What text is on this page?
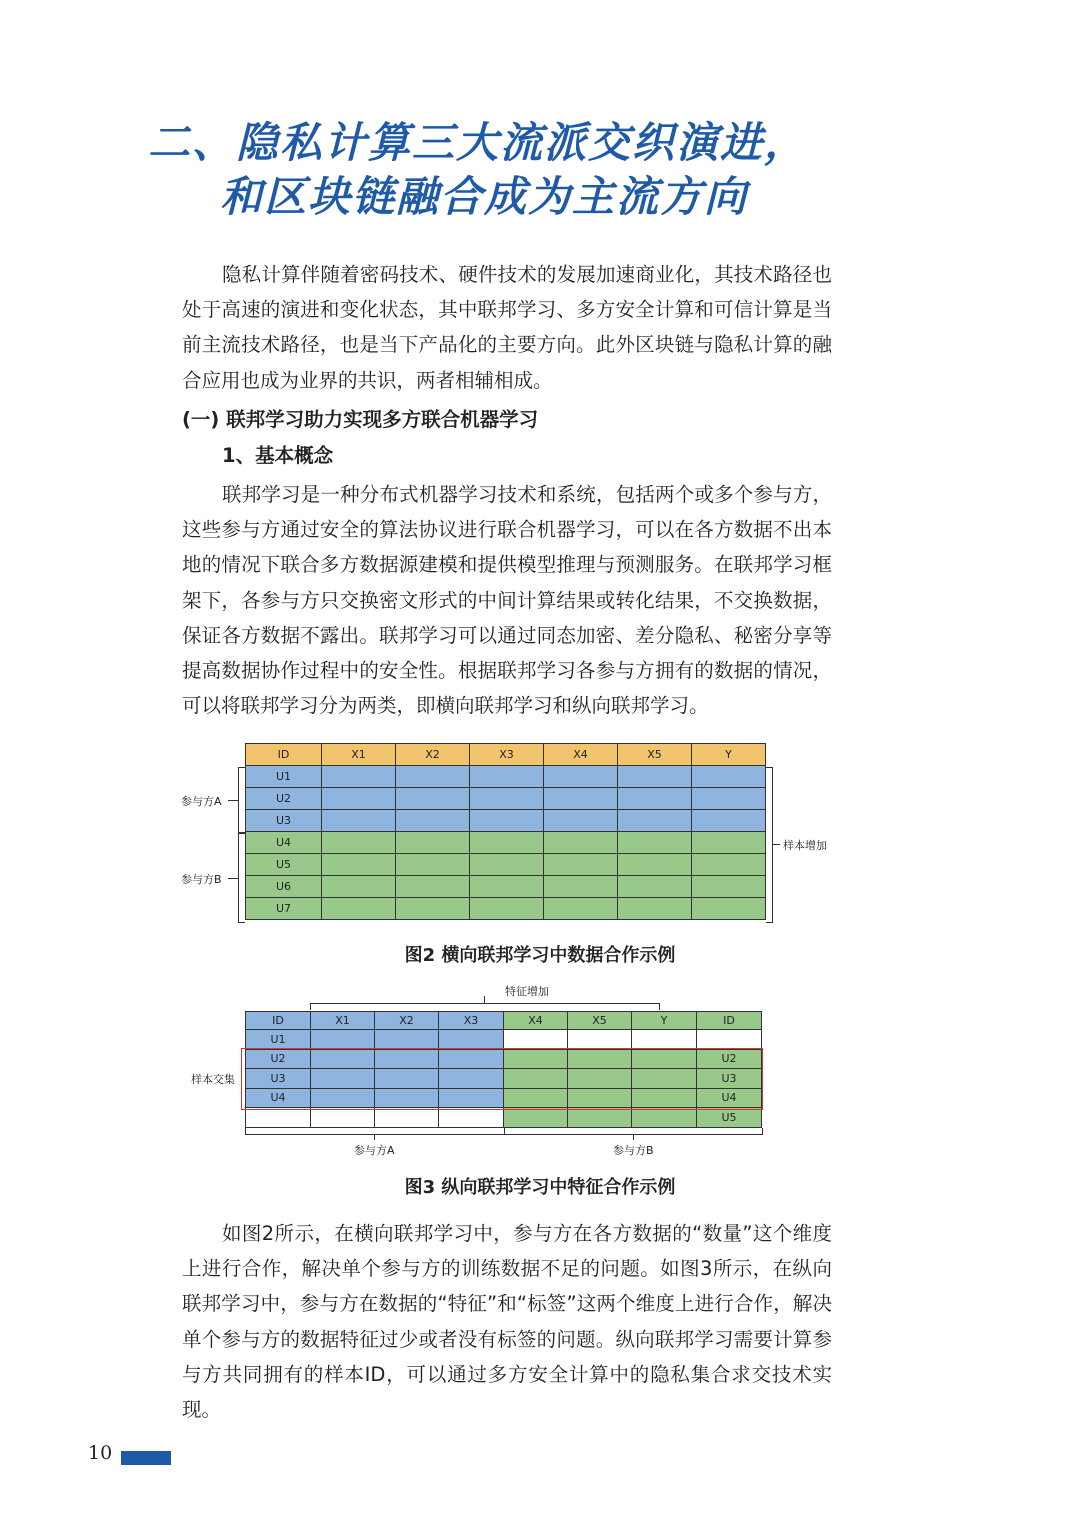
二、隐私计算三大流派交织演进，
和区块链融合成为主流方向

隐私计算伴随着密码技术、硬件技术的发展加速商业化，其技术路径也处于高速的演进和变化状态，其中联邦学习、多方安全计算和可信计算是当前主流技术路径，也是当下产品化的主要方向。此外区块链与隐私计算的融合应用也成为业界的共识，两者相辅相成。

(一) 联邦学习助力实现多方联合机器学习
1、基本概念

联邦学习是一种分布式机器学习技术和系统，包括两个或多个参与方，这些参与方通过安全的算法协议进行联合机器学习，可以在各方数据不出本地的情况下联合多方数据源建模和提供模型推理与预测服务。在联邦学习框架下，各参与方只交换密文形式的中间计算结果或转化结果，不交换数据，保证各方数据不露出。联邦学习可以通过同态加密、差分隐私、秘密分享等提高数据协作过程中的安全性。根据联邦学习各参与方拥有的数据的情况，可以将联邦学习分为两类，即横向联邦学习和纵向联邦学习。

ID	X1	X2	X3	X4	X5	Y
U1						
U2						
U3						
U4						
U5						
U6						
U7						
参与方A
参与方B
样本增加
图2 横向联邦学习中数据合作示例
特征增加
ID	X1	X2	X3	X4	X5	Y	ID
U1							
U2							U2
U3							U3
U4							U4
							U5
样本交集
参与方A	参与方B
图3 纵向联邦学习中特征合作示例

如图2所示，在横向联邦学习中，参与方在各方数据的“数量”这个维度上进行合作，解决单个参与方的训练数据不足的问题。如图3所示，在纵向联邦学习中，参与方在数据的“特征”和“标签”这两个维度上进行合作，解决单个参与方的数据特征过少或者没有标签的问题。纵向联邦学习需要计算参与方共同拥有的样本ID，可以通过多方安全计算中的隐私集合求交技术实现。

10
